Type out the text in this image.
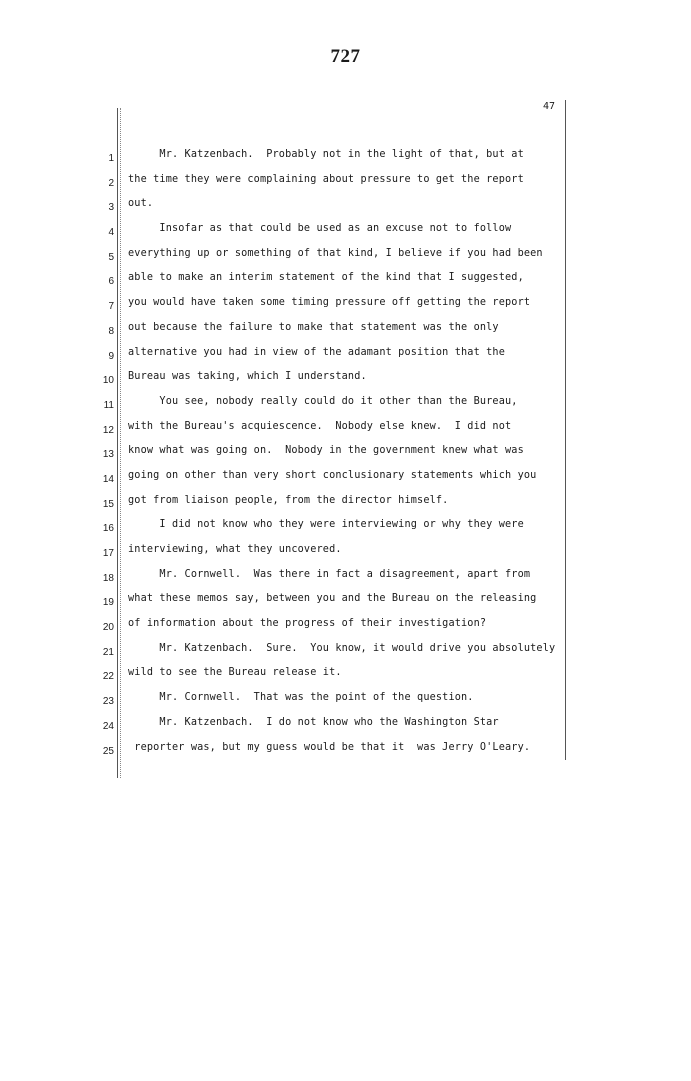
727
47
1
2
3
4
5
6
7
8
9
10
11
12
13
14
15
16
17
18
19
20
21
22
23
24
25
Mr. Katzenbach.  Probably not in the light of that, but at
the time they were complaining about pressure to get the report
out.
Insofar as that could be used as an excuse not to follow
everything up or something of that kind, I believe if you had been
able to make an interim statement of the kind that I suggested,
you would have taken some timing pressure off getting the report
out because the failure to make that statement was the only
alternative you had in view of the adamant position that the
Bureau was taking, which I understand.
You see, nobody really could do it other than the Bureau,
with the Bureau's acquiescence.  Nobody else knew.  I did not
know what was going on.  Nobody in the government knew what was
going on other than very short conclusionary statements which you
got from liaison people, from the director himself.
I did not know who they were interviewing or why they were
interviewing, what they uncovered.
Mr. Cornwell.  Was there in fact a disagreement, apart from
what these memos say, between you and the Bureau on the releasing
of information about the progress of their investigation?
Mr. Katzenbach.  Sure.  You know, it would drive you absolutely
wild to see the Bureau release it.
Mr. Cornwell.  That was the point of the question.
Mr. Katzenbach.  I do not know who the Washington Star
reporter was, but my guess would be that it  was Jerry O'Leary.
